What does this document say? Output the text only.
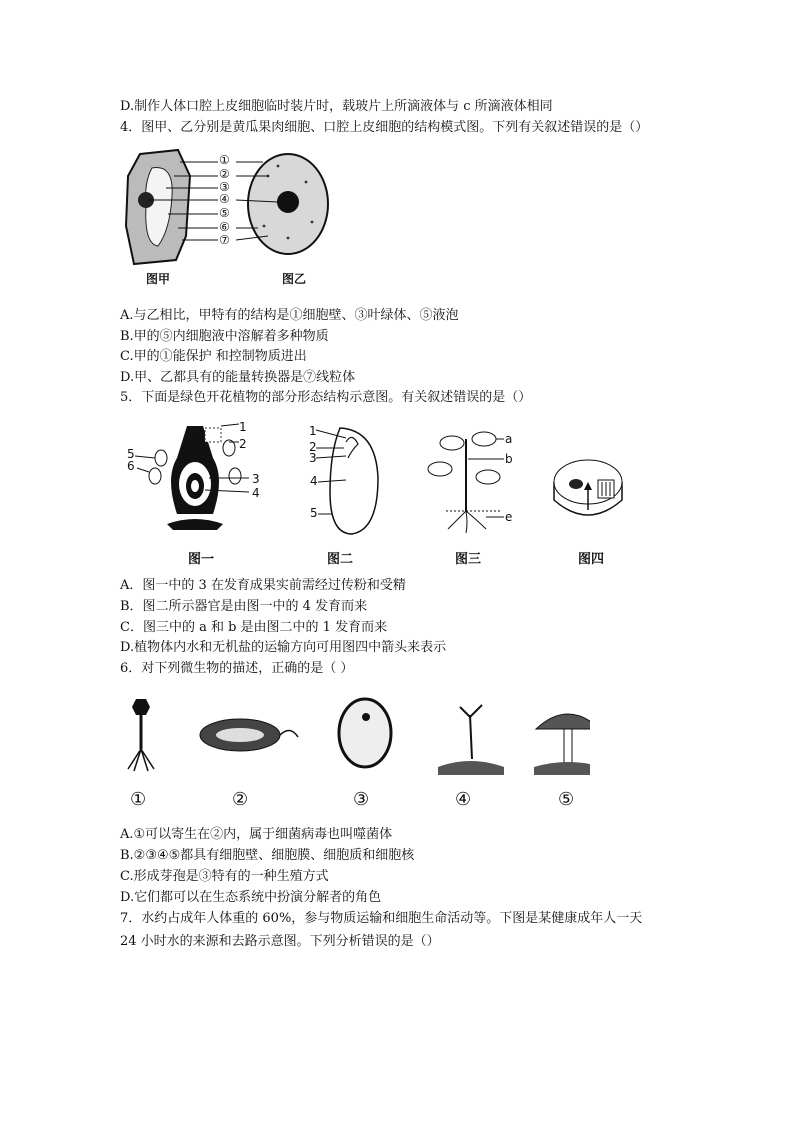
D.制作人体口腔上皮细胞临时装片时，载玻片上所滴液体与 c 所滴液体相同
4．图甲、乙分别是黄瓜果肉细胞、口腔上皮细胞的结构模式图。下列有关叙述错误的是（）
①
②
③
④
⑤
⑥
⑦
图甲	图乙
A.与乙相比，甲特有的结构是①细胞壁、③叶绿体、⑤液泡
B.甲的⑤内细胞液中溶解着多种物质
C.甲的①能保护 和控制物质进出
D.甲、乙都具有的能量转换器是⑦线粒体
5．下面是绿色开花植物的部分形态结构示意图。有关叙述错误的是（）
1
2
3
4
5
6
1
2
3
4
5
a
b
e
图一	图二	图三	图四
A．图一中的 3 在发育成果实前需经过传粉和受精
B．图二所示器官是由图一中的 4 发育而来
C．图三中的 a 和 b 是由图二中的 1 发育而来
D.植物体内水和无机盐的运输方向可用图四中箭头来表示
6．对下列微生物的描述，正确的是（ ）
①	②	③	④	⑤
A.①可以寄生在②内，属于细菌病毒也叫噬菌体
B.②③④⑤都具有细胞壁、细胞膜、细胞质和细胞核
C.形成芽孢是③特有的一种生殖方式
D.它们都可以在生态系统中扮演分解者的角色
7．水约占成年人体重的 60%，参与物质运输和细胞生命活动等。下图是某健康成年人一天
24 小时水的来源和去路示意图。下列分析错误的是（）
